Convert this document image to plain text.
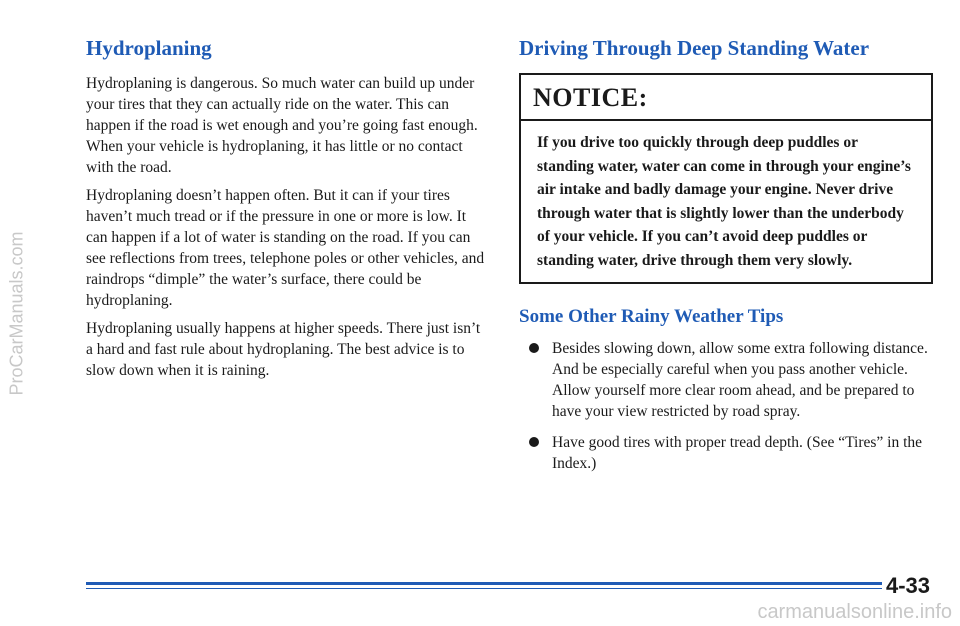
ProCarManuals.com
Hydroplaning

Hydroplaning is dangerous. So much water can build up under your tires that they can actually ride on the water. This can happen if the road is wet enough and you’re going fast enough. When your vehicle is hydroplaning, it has little or no contact with the road.

Hydroplaning doesn’t happen often. But it can if your tires haven’t much tread or if the pressure in one or more is low. It can happen if a lot of water is standing on the road. If you can see reflections from trees, telephone poles or other vehicles, and raindrops “dimple” the water’s surface, there could be hydroplaning.

Hydroplaning usually happens at higher speeds. There just isn’t a hard and fast rule about hydroplaning. The best advice is to slow down when it is raining.

Driving Through Deep Standing Water
NOTICE:
If you drive too quickly through deep puddles or standing water, water can come in through your engine’s air intake and badly damage your engine. Never drive through water that is slightly lower than the underbody of your vehicle. If you can’t avoid deep puddles or standing water, drive through them very slowly.
Some Other Rainy Weather Tips
Besides slowing down, allow some extra following distance. And be especially careful when you pass another vehicle. Allow yourself more clear room ahead, and be prepared to have your view restricted by road spray.
Have good tires with proper tread depth. (See “Tires” in the Index.)
4-33
carmanualsonline.info
